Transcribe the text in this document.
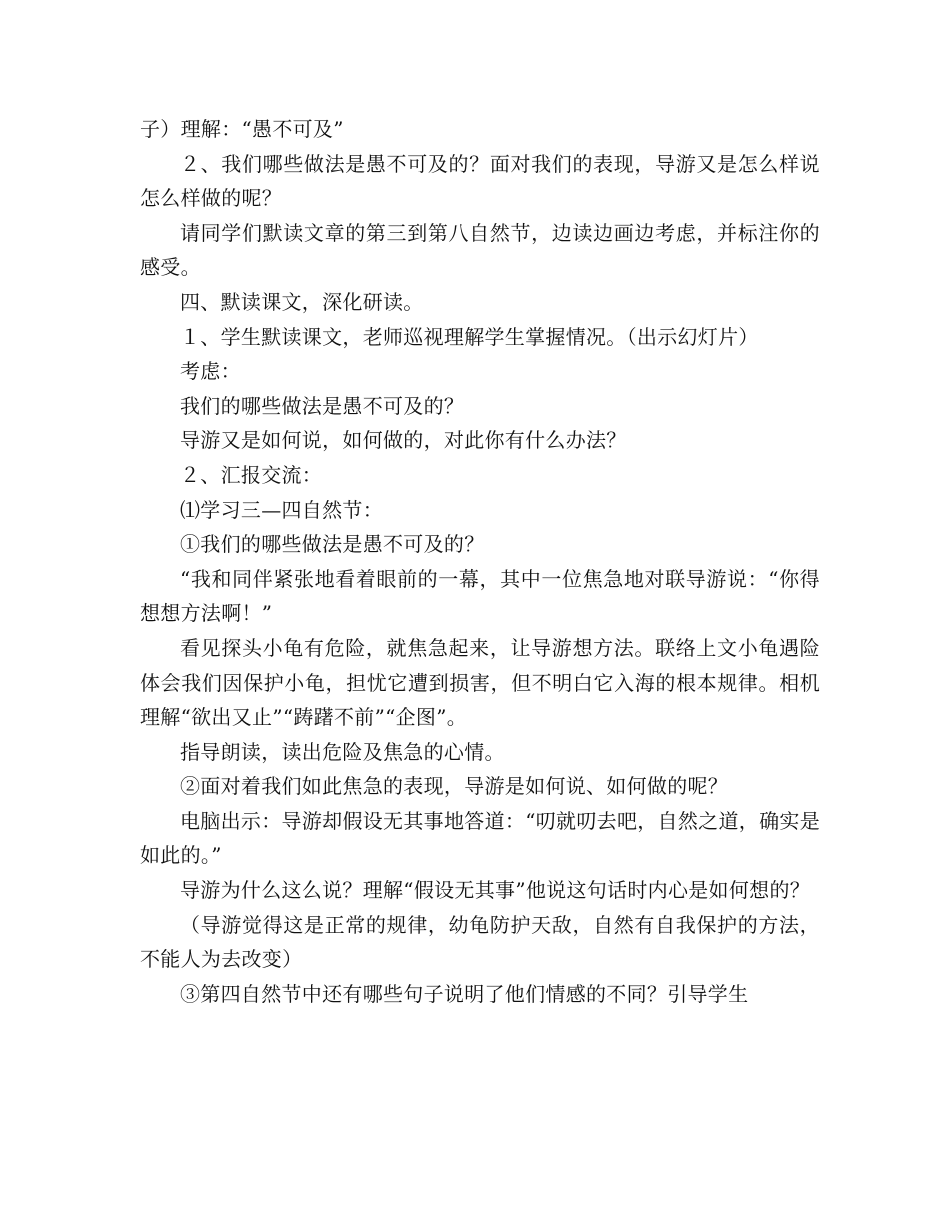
子）理解：“愚不可及”

２、我们哪些做法是愚不可及的？面对我们的表现，导游又是怎么样说怎么样做的呢？

请同学们默读文章的第三到第八自然节，边读边画边考虑，并标注你的感受。

四、默读课文，深化研读。

１、学生默读课文，老师巡视理解学生掌握情况。（出示幻灯片）

考虑：

我们的哪些做法是愚不可及的？

导游又是如何说，如何做的，对此你有什么办法？

２、汇报交流：

⑴学习三—四自然节：

①我们的哪些做法是愚不可及的？

“我和同伴紧张地看着眼前的一幕，其中一位焦急地对联导游说：“你得想想方法啊！”

看见探头小龟有危险，就焦急起来，让导游想方法。联络上文小龟遇险体会我们因保护小龟，担忧它遭到损害，但不明白它入海的根本规律。相机理解“欲出又止”“踌躇不前”“企图”。

指导朗读，读出危险及焦急的心情。

②面对着我们如此焦急的表现，导游是如何说、如何做的呢？

电脑出示：导游却假设无其事地答道：“叨就叨去吧，自然之道，确实是如此的。”

导游为什么这么说？理解“假设无其事”他说这句话时内心是如何想的？

（导游觉得这是正常的规律，幼龟防护天敌，自然有自我保护的方法，不能人为去改变）

③第四自然节中还有哪些句子说明了他们情感的不同？引导学生
